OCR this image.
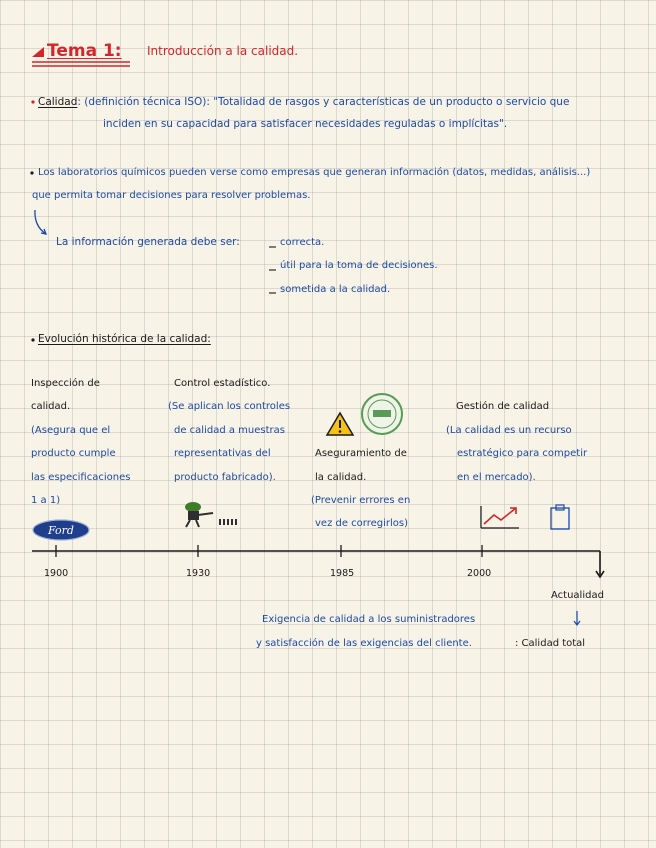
Ford
Tema 1: Introducción a la calidad.
Calidad: (definición técnica ISO): "Totalidad de rasgos y características de un producto o servicio que
inciden en su capacidad para satisfacer necesidades reguladas o implícitas".
Los laboratorios químicos pueden verse como empresas que generan información (datos, medidas, análisis...)
que permita tomar decisiones para resolver problemas.
La información generada debe ser:	correcta.
útil para la toma de decisiones.
sometida a la calidad.
Evolución histórica de la calidad:
Inspección de
calidad.
(Asegura que el
producto cumple
las especificaciones
1 a 1)
Control estadístico.
(Se aplican los controles
de calidad a muestras
representativas del
producto fabricado).
Aseguramiento de
la calidad.
(Prevenir errores en
vez de corregirlos)
Gestión de calidad
(La calidad es un recurso
estratégico para competir
en el mercado).
1900	1930	1985	2000
Actualidad
Exigencia de calidad a los suministradores
y satisfacción de las exigencias del cliente.	: Calidad total
